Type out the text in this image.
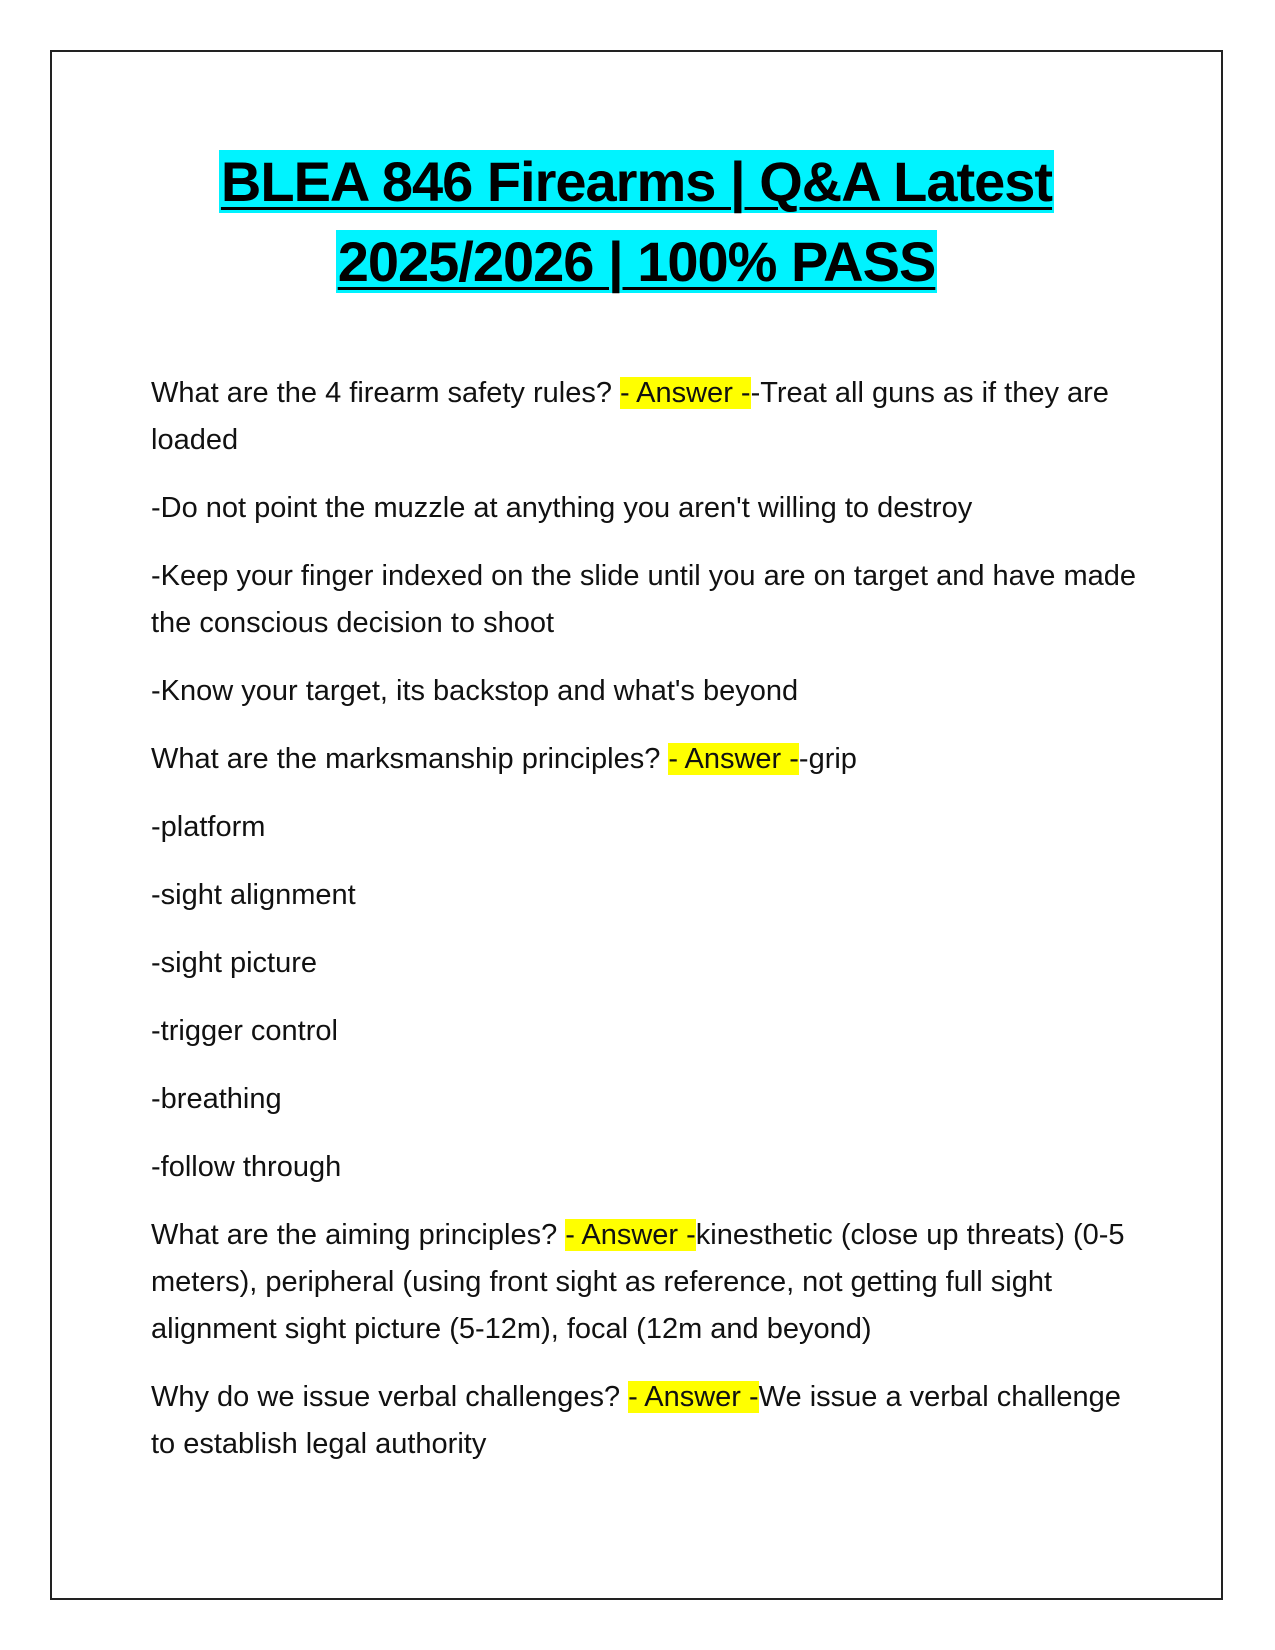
BLEA 846 Firearms | Q&A Latest
2025/2026 | 100% PASS

What are the 4 firearm safety rules? - Answer --Treat all guns as if they are loaded

-Do not point the muzzle at anything you aren't willing to destroy

-Keep your finger indexed on the slide until you are on target and have made the conscious decision to shoot

-Know your target, its backstop and what's beyond

What are the marksmanship principles? - Answer --grip

-platform

-sight alignment

-sight picture

-trigger control

-breathing

-follow through

What are the aiming principles? - Answer -kinesthetic (close up threats) (0-5 meters), peripheral (using front sight as reference, not getting full sight alignment sight picture (5-12m), focal (12m and beyond)

Why do we issue verbal challenges? - Answer -We issue a verbal challenge to establish legal authority
